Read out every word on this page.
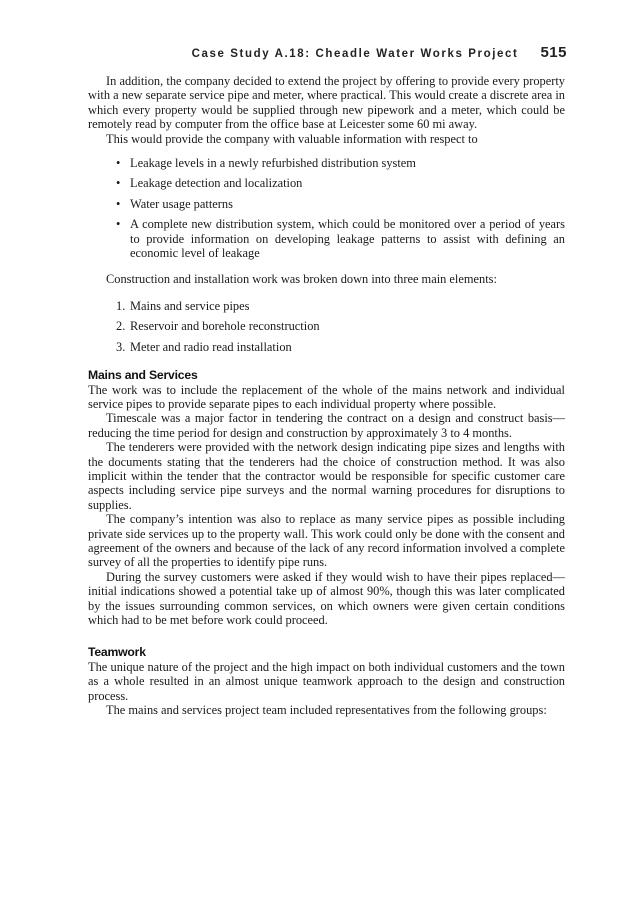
Case Study A.18: Cheadle Water Works Project 515

In addition, the company decided to extend the project by offering to provide every property with a new separate service pipe and meter, where practical. This would create a discrete area in which every property would be supplied through new pipework and a meter, which could be remotely read by computer from the office base at Leicester some 60 mi away.

This would provide the company with valuable information with respect to

• Leakage levels in a newly refurbished distribution system
• Leakage detection and localization
• Water usage patterns
• A complete new distribution system, which could be monitored over a period of years to provide information on developing leakage patterns to assist with defining an economic level of leakage

Construction and installation work was broken down into three main elements:

1. Mains and service pipes
2. Reservoir and borehole reconstruction
3. Meter and radio read installation
Mains and Services

The work was to include the replacement of the whole of the mains network and individual service pipes to provide separate pipes to each individual property where possible.

Timescale was a major factor in tendering the contract on a design and construct basis—reducing the time period for design and construction by approximately 3 to 4 months.

The tenderers were provided with the network design indicating pipe sizes and lengths with the documents stating that the tenderers had the choice of construction method. It was also implicit within the tender that the contractor would be responsible for specific customer care aspects including service pipe surveys and the normal warning procedures for disruptions to supplies.

The company’s intention was also to replace as many service pipes as possible including private side services up to the property wall. This work could only be done with the consent and agreement of the owners and because of the lack of any record information involved a complete survey of all the properties to identify pipe runs.

During the survey customers were asked if they would wish to have their pipes replaced—initial indications showed a potential take up of almost 90%, though this was later complicated by the issues surrounding common services, on which owners were given certain conditions which had to be met before work could proceed.

Teamwork

The unique nature of the project and the high impact on both individual customers and the town as a whole resulted in an almost unique teamwork approach to the design and construction process.

The mains and services project team included representatives from the following groups:
